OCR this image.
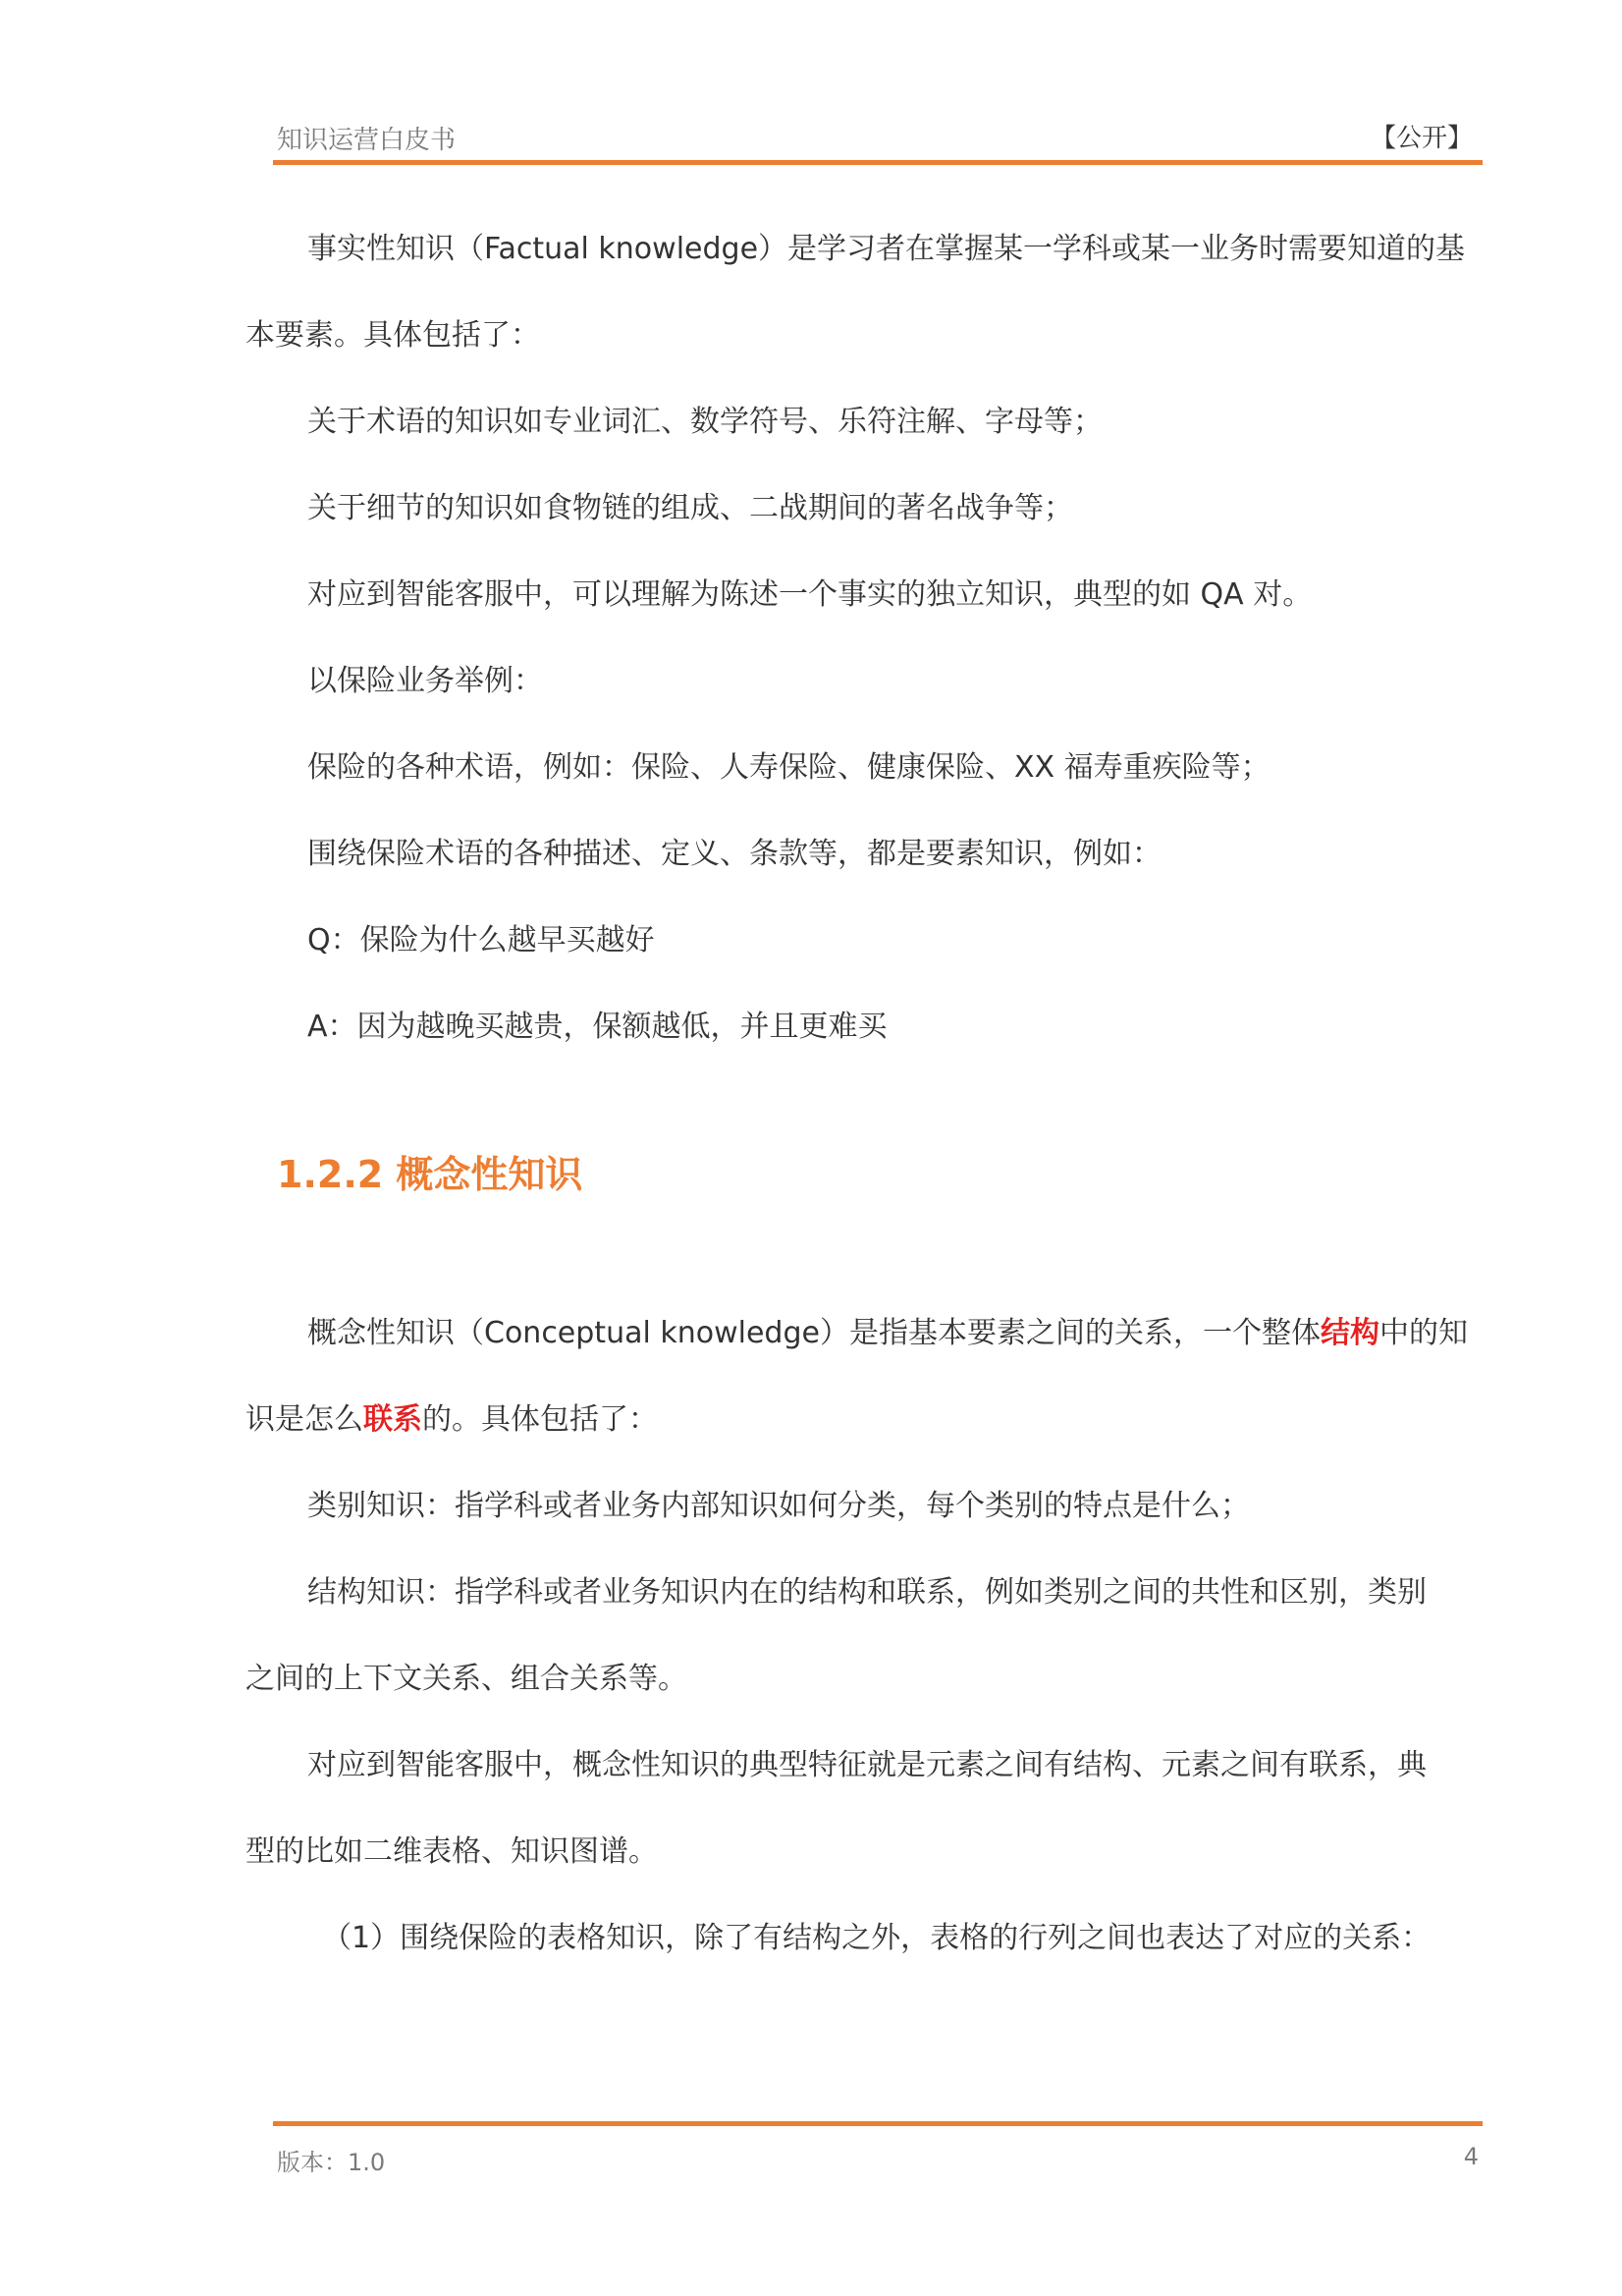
知识运营白皮书	【公开】

事实性知识（Factual knowledge）是学习者在掌握某一学科或某一业务时需要知道的基

本要素。具体包括了：

关于术语的知识如专业词汇、数学符号、乐符注解、字母等；

关于细节的知识如食物链的组成、二战期间的著名战争等；

对应到智能客服中，可以理解为陈述一个事实的独立知识，典型的如 QA 对。

以保险业务举例：

保险的各种术语，例如：保险、人寿保险、健康保险、XX 福寿重疾险等；

围绕保险术语的各种描述、定义、条款等，都是要素知识，例如：

Q：保险为什么越早买越好

A：因为越晚买越贵，保额越低，并且更难买

1.2.2 概念性知识

概念性知识（Conceptual knowledge）是指基本要素之间的关系，一个整体结构中的知

识是怎么联系的。具体包括了：

类别知识：指学科或者业务内部知识如何分类，每个类别的特点是什么；

结构知识：指学科或者业务知识内在的结构和联系，例如类别之间的共性和区别，类别

之间的上下文关系、组合关系等。

对应到智能客服中，概念性知识的典型特征就是元素之间有结构、元素之间有联系，典

型的比如二维表格、知识图谱。

（1）围绕保险的表格知识，除了有结构之外，表格的行列之间也表达了对应的关系：

版本：1.0	4
